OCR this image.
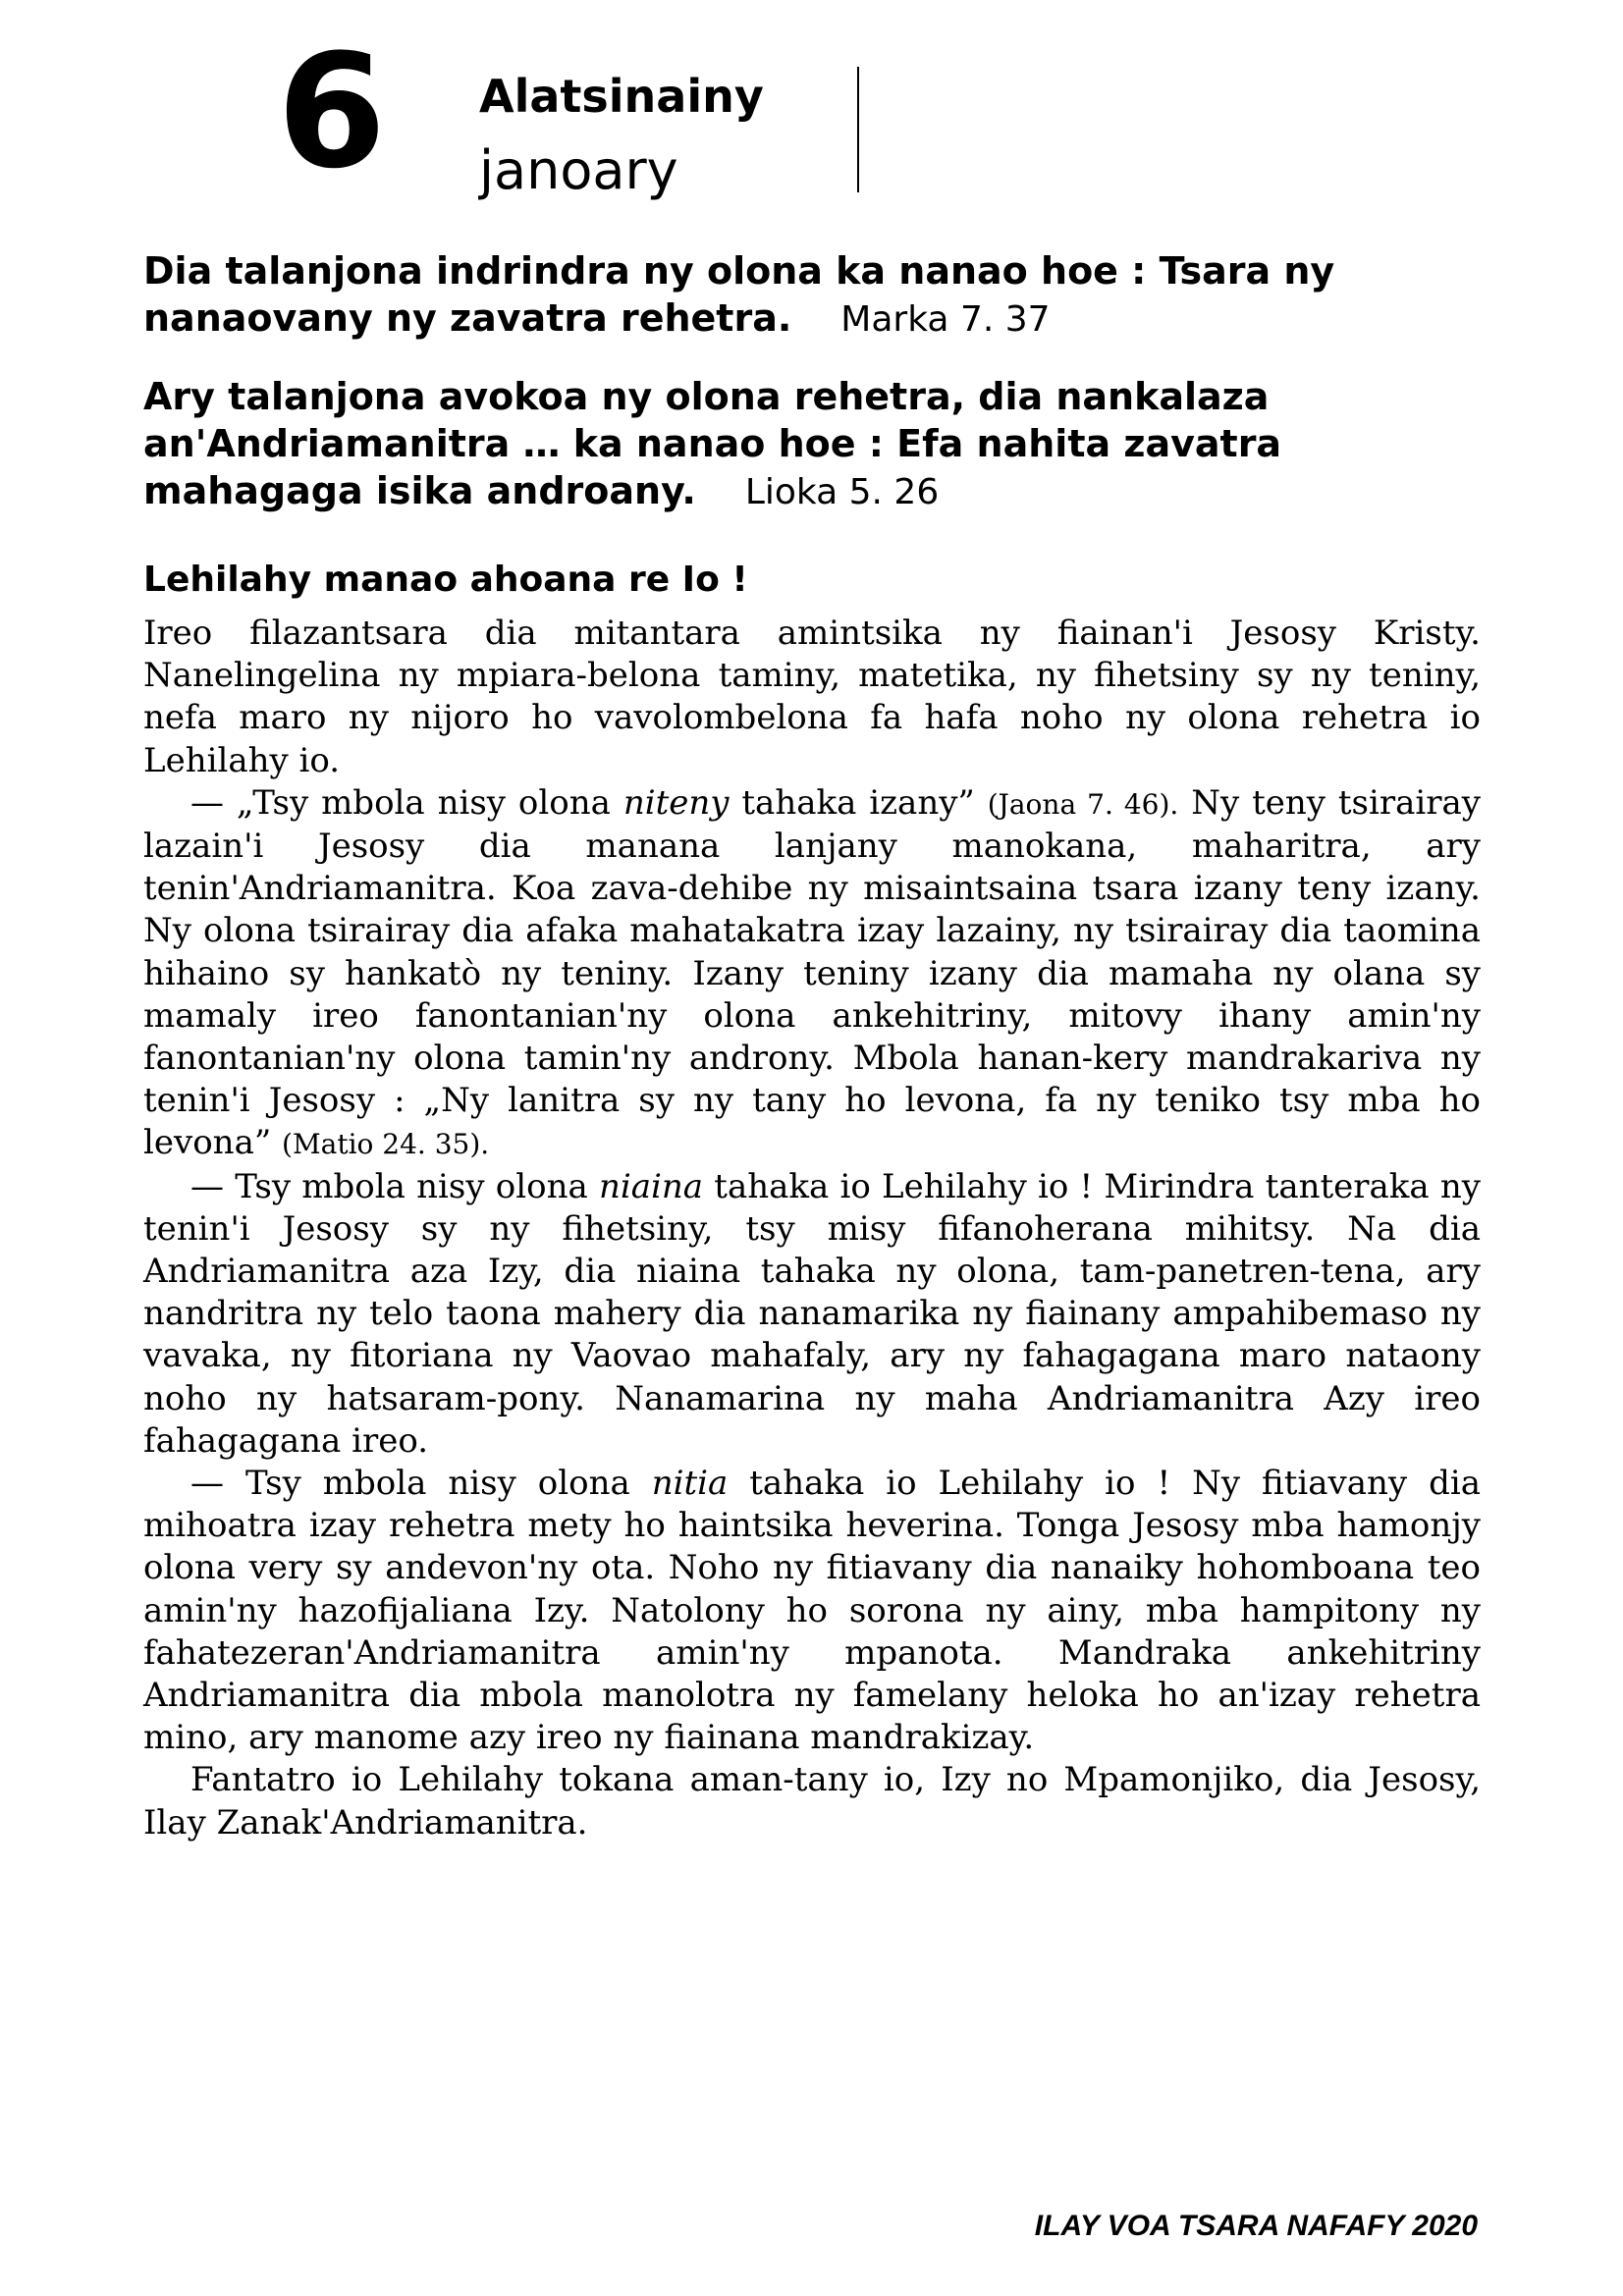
6 Alatsinainy
janoary

Dia talanjona indrindra ny olona ka nanao hoe : Tsara ny nanaovany ny zavatra rehetra. Marka 7. 37

Ary talanjona avokoa ny olona rehetra, dia nankalaza an'Andriamanitra … ka nanao hoe : Efa nahita zavatra mahagaga isika androany. Lioka 5. 26

Lehilahy manao ahoana re Io !

Ireo filazantsara dia mitantara amintsika ny fiainan'i Jesosy Kristy. Nanelingelina ny mpiara-belona taminy, matetika, ny fihetsiny sy ny teniny, nefa maro ny nijoro ho vavolombelona fa hafa noho ny olona rehetra io Lehilahy io.

— „Tsy mbola nisy olona niteny tahaka izany” (Jaona 7. 46). Ny teny tsirairay lazain'i Jesosy dia manana lanjany manokana, maharitra, ary tenin'Andriamanitra. Koa zava-dehibe ny misaintsaina tsara izany teny izany. Ny olona tsirairay dia afaka mahatakatra izay lazainy, ny tsirairay dia taomina hihaino sy hankatò ny teniny. Izany teniny izany dia mamaha ny olana sy mamaly ireo fanontanian'ny olona ankehitriny, mitovy ihany amin'ny fanontanian'ny olona tamin'ny androny. Mbola hanan-kery mandrakariva ny tenin'i Jesosy : „Ny lanitra sy ny tany ho levona, fa ny teniko tsy mba ho levona” (Matio 24. 35).

— Tsy mbola nisy olona niaina tahaka io Lehilahy io ! Mirindra tanteraka ny tenin'i Jesosy sy ny fihetsiny, tsy misy fifanoherana mihitsy. Na dia Andriamanitra aza Izy, dia niaina tahaka ny olona, tam-panetren-tena, ary nandritra ny telo taona mahery dia nanamarika ny fiainany ampahibemaso ny vavaka, ny fitoriana ny Vaovao mahafaly, ary ny fahagagana maro nataony noho ny hatsaram-pony. Nanamarina ny maha Andriamanitra Azy ireo fahagagana ireo.

— Tsy mbola nisy olona nitia tahaka io Lehilahy io ! Ny fitiavany dia mihoatra izay rehetra mety ho haintsika heverina. Tonga Jesosy mba hamonjy olona very sy andevon'ny ota. Noho ny fitiavany dia nanaiky hohomboana teo amin'ny hazofijaliana Izy. Natolony ho sorona ny ainy, mba hampitony ny fahatezeran'Andriamanitra amin'ny mpanota. Mandraka ankehitriny Andriamanitra dia mbola manolotra ny famelany heloka ho an'izay rehetra mino, ary manome azy ireo ny fiainana mandrakizay.

Fantatro io Lehilahy tokana aman-tany io, Izy no Mpamonjiko, dia Jesosy, Ilay Zanak'Andriamanitra.

ILAY VOA TSARA NAFAFY 2020
